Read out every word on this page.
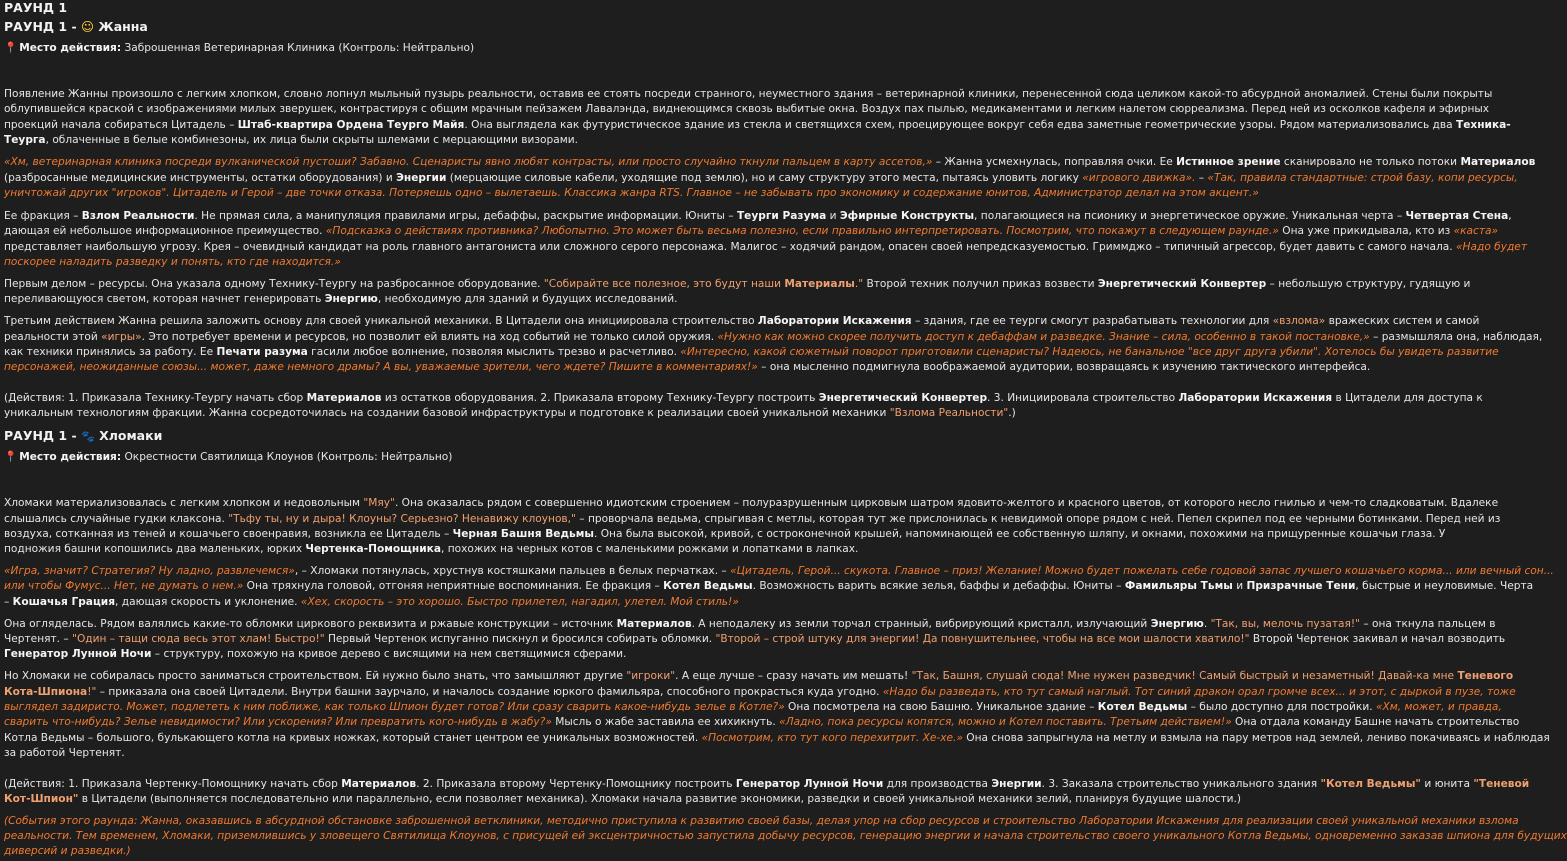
РАУНД 1
РАУНД 1 - ☺ Жанна
📍 Место действия: Заброшенная Ветеринарная Клиника (Контроль: Нейтрально)
Появление Жанны произошло с легким хлопком, словно лопнул мыльный пузырь реальности, оставив ее стоять посреди странного, неуместного здания – ветеринарной клиники, перенесенной сюда целиком какой-то абсурдной аномалией. Стены были покрыты
облупившейся краской с изображениями милых зверушек, контрастируя с общим мрачным пейзажем Лавалэнда, виднеющимся сквозь выбитые окна. Воздух пах пылью, медикаментами и легким налетом сюрреализма. Перед ней из осколков кафеля и эфирных
проекций начала собираться Цитадель – Штаб-квартира Ордена Теурго Майя. Она выглядела как футуристическое здание из стекла и светящихся схем, проецирующее вокруг себя едва заметные геометрические узоры. Рядом материализовались два Техника-
Теурга, облаченные в белые комбинезоны, их лица были скрыты шлемами с мерцающими визорами.
«Хм, ветеринарная клиника посреди вулканической пустоши? Забавно. Сценаристы явно любят контрасты, или просто случайно ткнули пальцем в карту ассетов,» – Жанна усмехнулась, поправляя очки. Ее Истинное зрение сканировало не только потоки Материалов
(разбросанные медицинские инструменты, остатки оборудования) и Энергии (мерцающие силовые кабели, уходящие под землю), но и саму структуру этого места, пытаясь уловить логику «игрового движка». – «Так, правила стандартные: строй базу, копи ресурсы,
уничтожай других "игроков". Цитадель и Герой – две точки отказа. Потеряешь одно – вылетаешь. Классика жанра RTS. Главное – не забывать про экономику и содержание юнитов, Администратор делал на этом акцент.»
Ее фракция – Взлом Реальности. Не прямая сила, а манипуляция правилами игры, дебаффы, раскрытие информации. Юниты – Теурги Разума и Эфирные Конструкты, полагающиеся на псионику и энергетическое оружие. Уникальная черта – Четвертая Стена,
дающая ей небольшое информационное преимущество. «Подсказка о действиях противника? Любопытно. Это может быть весьма полезно, если правильно интерпретировать. Посмотрим, что покажут в следующем раунде.» Она уже прикидывала, кто из «каста»
представляет наибольшую угрозу. Крея – очевидный кандидат на роль главного антагониста или сложного серого персонажа. Малигос – ходячий рандом, опасен своей непредсказуемостью. Гриммджо – типичный агрессор, будет давить с самого начала. «Надо будет
поскорее наладить разведку и понять, кто где находится.»
Первым делом – ресурсы. Она указала одному Технику-Теургу на разбросанное оборудование. "Собирайте все полезное, это будут наши Материалы." Второй техник получил приказ возвести Энергетический Конвертер – небольшую структуру, гудящую и
переливающуюся светом, которая начнет генерировать Энергию, необходимую для зданий и будущих исследований.
Третьим действием Жанна решила заложить основу для своей уникальной механики. В Цитадели она инициировала строительство Лаборатории Искажения – здания, где ее теурги смогут разрабатывать технологии для «взлома» вражеских систем и самой
реальности этой «игры». Это потребует времени и ресурсов, но позволит ей влиять на ход событий не только силой оружия. «Нужно как можно скорее получить доступ к дебаффам и разведке. Знание – сила, особенно в такой постановке,» – размышляла она, наблюдая,
как техники принялись за работу. Ее Печати разума гасили любое волнение, позволяя мыслить трезво и расчетливо. «Интересно, какой сюжетный поворот приготовили сценаристы? Надеюсь, не банальное "все друг друга убили". Хотелось бы увидеть развитие
персонажей, неожиданные союзы... может, даже немного драмы? А вы, уважаемые зрители, чего ждете? Пишите в комментариях!» – она мысленно подмигнула воображаемой аудитории, возвращаясь к изучению тактического интерфейса.
(Действия: 1. Приказала Технику-Теургу начать сбор Материалов из остатков оборудования. 2. Приказала второму Технику-Теургу построить Энергетический Конвертер. 3. Инициировала строительство Лаборатории Искажения в Цитадели для доступа к
уникальным технологиям фракции. Жанна сосредоточилась на создании базовой инфраструктуры и подготовке к реализации своей уникальной механики "Взлома Реальности".)
РАУНД 1 - 🐾 Хломаки
📍 Место действия: Окрестности Святилища Клоунов (Контроль: Нейтрально)
Хломаки материализовалась с легким хлопком и недовольным "Мяу". Она оказалась рядом с совершенно идиотским строением – полуразрушенным цирковым шатром ядовито-желтого и красного цветов, от которого несло гнилью и чем-то сладковатым. Вдалеке
слышались случайные гудки клаксона. "Тьфу ты, ну и дыра! Клоуны? Серьезно? Ненавижу клоунов," – проворчала ведьма, спрыгивая с метлы, которая тут же прислонилась к невидимой опоре рядом с ней. Пепел скрипел под ее черными ботинками. Перед ней из
воздуха, сотканная из теней и кошачьего своенравия, возникла ее Цитадель – Черная Башня Ведьмы. Она была высокой, кривой, с остроконечной крышей, напоминающей ее собственную шляпу, и окнами, похожими на прищуренные кошачьи глаза. У
подножия башни копошились два маленьких, юрких Чертенка-Помощника, похожих на черных котов с маленькими рожками и лопатками в лапках.
«Игра, значит? Стратегия? Ну ладно, развлечемся», – Хломаки потянулась, хрустнув костяшками пальцев в белых перчатках. – «Цитадель, Герой... скукота. Главное – приз! Желание! Можно будет пожелать себе годовой запас лучшего кошачьего корма... или вечный сон...
или чтобы Фумус... Нет, не думать о нем.» Она тряхнула головой, отгоняя неприятные воспоминания. Ее фракция – Котел Ведьмы. Возможность варить всякие зелья, баффы и дебаффы. Юниты – Фамильяры Тьмы и Призрачные Тени, быстрые и неуловимые. Черта
– Кошачья Грация, дающая скорость и уклонение. «Хех, скорость – это хорошо. Быстро прилетел, нагадил, улетел. Мой стиль!»
Она огляделась. Рядом валялись какие-то обломки циркового реквизита и ржавые конструкции – источник Материалов. А неподалеку из земли торчал странный, вибрирующий кристалл, излучающий Энергию. "Так, вы, мелочь пузатая!" – она ткнула пальцем в
Чертенят. – "Один – тащи сюда весь этот хлам! Быстро!" Первый Чертенок испуганно пискнул и бросился собирать обломки. "Второй – строй штуку для энергии! Да повнушительнее, чтобы на все мои шалости хватило!" Второй Чертенок закивал и начал возводить
Генератор Лунной Ночи – структуру, похожую на кривое дерево с висящими на нем светящимися сферами.
Но Хломаки не собиралась просто заниматься строительством. Ей нужно было знать, что замышляют другие "игроки". А еще лучше – сразу начать им мешать! "Так, Башня, слушай сюда! Мне нужен разведчик! Самый быстрый и незаметный! Давай-ка мне Теневого
Кота-Шпиона!" – приказала она своей Цитадели. Внутри башни заурчало, и началось создание юркого фамильяра, способного прокрасться куда угодно. «Надо бы разведать, кто тут самый наглый. Тот синий дракон орал громче всех... и этот, с дыркой в пузе, тоже
выглядел задиристо. Может, подлететь к ним поближе, как только Шпион будет готов? Или сразу сварить какое-нибудь зелье в Котле?» Она посмотрела на свою Башню. Уникальное здание – Котел Ведьмы – было доступно для постройки. «Хм, может, и правда,
сварить что-нибудь? Зелье невидимости? Или ускорения? Или превратить кого-нибудь в жабу?» Мысль о жабе заставила ее хихикнуть. «Ладно, пока ресурсы копятся, можно и Котел поставить. Третьим действием!» Она отдала команду Башне начать строительство
Котла Ведьмы – большого, булькающего котла на кривых ножках, который станет центром ее уникальных возможностей. «Посмотрим, кто тут кого перехитрит. Хе-хе.» Она снова запрыгнула на метлу и взмыла на пару метров над землей, лениво покачиваясь и наблюдая
за работой Чертенят.
(Действия: 1. Приказала Чертенку-Помощнику начать сбор Материалов. 2. Приказала второму Чертенку-Помощнику построить Генератор Лунной Ночи для производства Энергии. 3. Заказала строительство уникального здания "Котел Ведьмы" и юнита "Теневой
Кот-Шпион" в Цитадели (выполняется последовательно или параллельно, если позволяет механика). Хломаки начала развитие экономики, разведки и своей уникальной механики зелий, планируя будущие шалости.)
(События этого раунда: Жанна, оказавшись в абсурдной обстановке заброшенной ветклиники, методично приступила к развитию своей базы, делая упор на сбор ресурсов и строительство Лаборатории Искажения для реализации своей уникальной механики взлома
реальности. Тем временем, Хломаки, приземлившись у зловещего Святилища Клоунов, с присущей ей эксцентричностью запустила добычу ресурсов, генерацию энергии и начала строительство своего уникального Котла Ведьмы, одновременно заказав шпиона для будущих
диверсий и разведки.)
